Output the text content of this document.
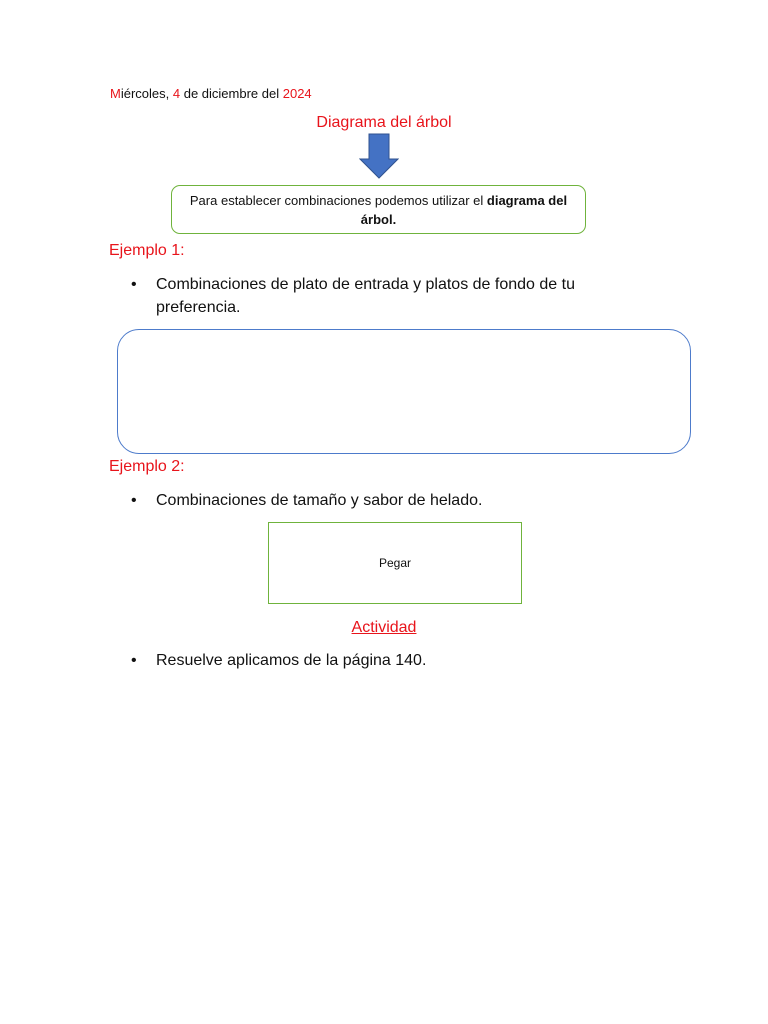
Miércoles, 4 de diciembre del 2024
Diagrama del árbol
Para establecer combinaciones podemos utilizar el diagrama del árbol.
Ejemplo 1:
•	Combinaciones de plato de entrada y platos de fondo de tu preferencia.
Ejemplo 2:
•	Combinaciones de tamaño y sabor de helado.
Pegar
Actividad
•	Resuelve aplicamos de la página 140.
